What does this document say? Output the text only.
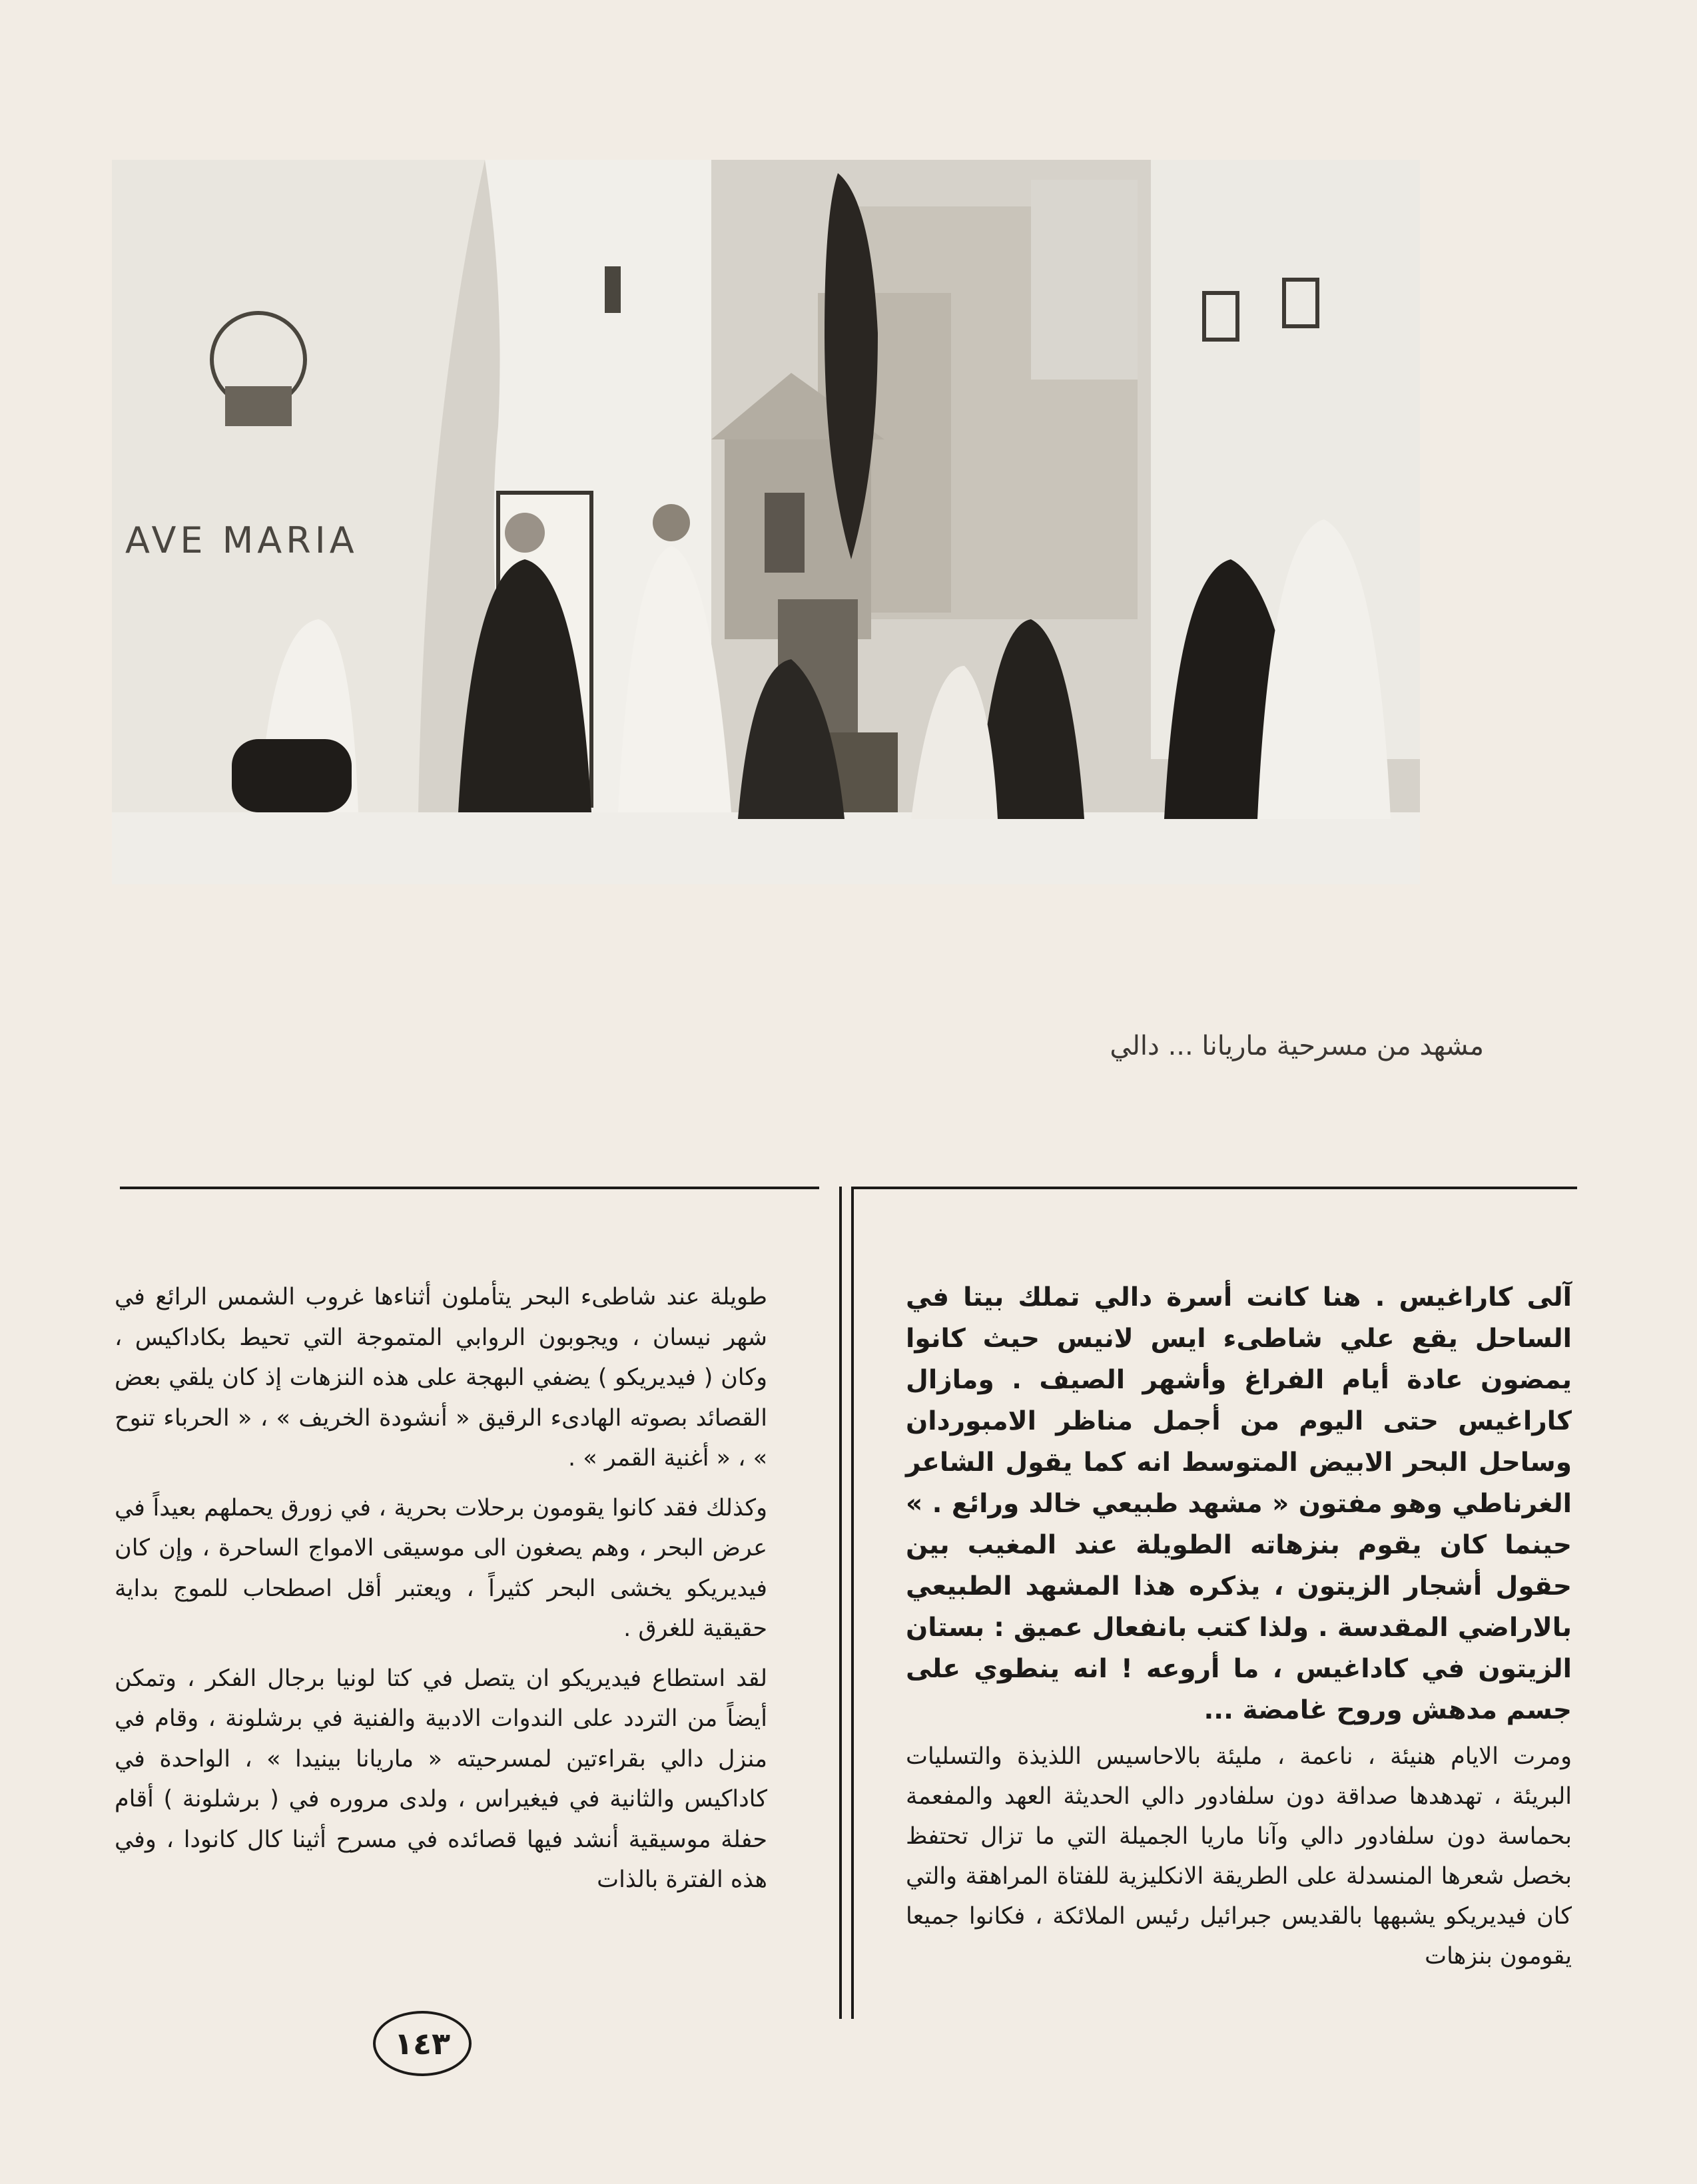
AVE MARIA
مشهد من مسرحية ماريانا ... دالي

آلى كاراغيس . هنا كانت أسرة دالي تملك بيتا في الساحل يقع علي شاطىء ايس لانيس حيث كانوا يمضون عادة أيام الفراغ وأشهر الصيف . ومازال كاراغيس حتى اليوم من أجمل مناظر الامبوردان وساحل البحر الابيض المتوسط انه كما يقول الشاعر الغرناطي وهو مفتون « مشهد طبيعي خالد ورائع . » حينما كان يقوم بنزهاته الطويلة عند المغيب بين حقول أشجار الزيتون ، يذكره هذا المشهد الطبيعي بالاراضي المقدسة . ولذا كتب بانفعال عميق : بستان الزيتون في كاداغيس ، ما أروعه ! انه ينطوي على جسم مدهش وروح غامضة ...

ومرت الايام هنيئة ، ناعمة ، مليئة بالاحاسيس اللذيذة والتسليات البريئة ، تهدهدها صداقة دون سلفادور دالي الحديثة العهد والمفعمة بحماسة دون سلفادور دالي وآنا ماريا الجميلة التي ما تزال تحتفظ بخصل شعرها المنسدلة على الطريقة الانكليزية للفتاة المراهقة والتي كان فيديريكو يشبهها بالقديس جبرائيل رئيس الملائكة ، فكانوا جميعا يقومون بنزهات

طويلة عند شاطىء البحر يتأملون أثناءها غروب الشمس الرائع في شهر نيسان ، ويجوبون الروابي المتموجة التي تحيط بكاداكيس ، وكان ( فيديريكو ) يضفي البهجة على هذه النزهات إذ كان يلقي بعض القصائد بصوته الهادىء الرقيق « أنشودة الخريف » ، « الحرباء تنوح » ، « أغنية القمر » .

وكذلك فقد كانوا يقومون برحلات بحرية ، في زورق يحملهم بعيداً في عرض البحر ، وهم يصغون الى موسيقى الامواج الساحرة ، وإن كان فيديريكو يخشى البحر كثيراً ، ويعتبر أقل اصطحاب للموج بداية حقيقية للغرق .

لقد استطاع فيديريكو ان يتصل في كتا لونيا برجال الفكر ، وتمكن أيضاً من التردد على الندوات الادبية والفنية في برشلونة ، وقام في منزل دالي بقراءتين لمسرحيته « ماريانا بينيدا » ، الواحدة في كاداكيس والثانية في فيغيراس ، ولدى مروره في ( برشلونة ) أقام حفلة موسيقية أنشد فيها قصائده في مسرح أثينا كال كانودا ، وفي هذه الفترة بالذات

١٤٣
